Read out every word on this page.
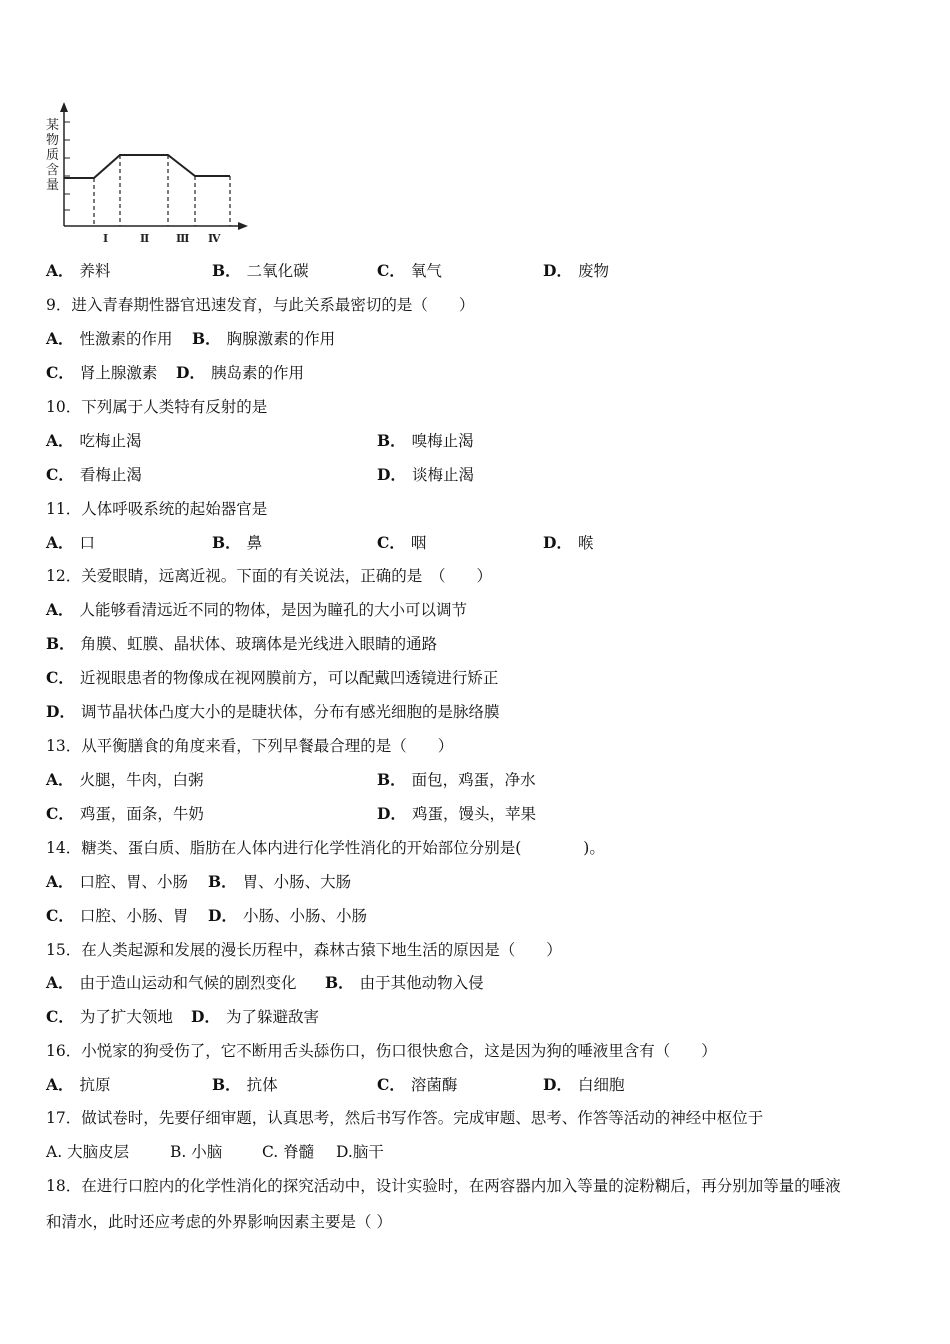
某
物
质
含
量
Ⅰ	Ⅱ Ⅲ Ⅳ
A． 养料	B． 二氧化碳	C． 氧气	D． 废物
9．进入青春期性器官迅速发育，与此关系最密切的是（　　）
A． 性激素的作用 B． 胸腺激素的作用
C． 肾上腺激素 D． 胰岛素的作用
10．下列属于人类特有反射的是
A． 吃梅止渴	B． 嗅梅止渴
C． 看梅止渴	D． 谈梅止渴
11．人体呼吸系统的起始器官是
A． 口	B． 鼻	C． 咽	D． 喉
12．关爱眼睛，远离近视。下面的有关说法，正确的是　（　　）
A． 人能够看清远近不同的物体，是因为瞳孔的大小可以调节
B． 角膜、虹膜、晶状体、玻璃体是光线进入眼睛的通路
C． 近视眼患者的物像成在视网膜前方，可以配戴凹透镜进行矫正
D． 调节晶状体凸度大小的是睫状体，分布有感光细胞的是脉络膜
13．从平衡膳食的角度来看，下列早餐最合理的是（　　）
A． 火腿，牛肉，白粥	B． 面包，鸡蛋，净水
C． 鸡蛋，面条，牛奶	D． 鸡蛋，馒头，苹果
14．糖类、蛋白质、脂肪在人体内进行化学性消化的开始部位分别是(　　　　)。
A． 口腔、胃、小肠 B． 胃、小肠、大肠
C． 口腔、小肠、胃 D． 小肠、小肠、小肠
15．在人类起源和发展的漫长历程中，森林古猿下地生活的原因是（　　）
A． 由于造山运动和气候的剧烈变化 B． 由于其他动物入侵
C． 为了扩大领地 D． 为了躲避敌害
16．小悦家的狗受伤了，它不断用舌头舔伤口，伤口很快愈合，这是因为狗的唾液里含有（　　）
A． 抗原	B． 抗体	C． 溶菌酶	D． 白细胞
17．做试卷时，先要仔细审题，认真思考，然后书写作答。完成审题、思考、作答等活动的神经中枢位于
A. 大脑皮层	B. 小脑	C. 脊髓 D.脑干
18．在进行口腔内的化学性消化的探究活动中，设计实验时，在两容器内加入等量的淀粉糊后，再分别加等量的唾液
和清水，此时还应考虑的外界影响因素主要是（ ）
